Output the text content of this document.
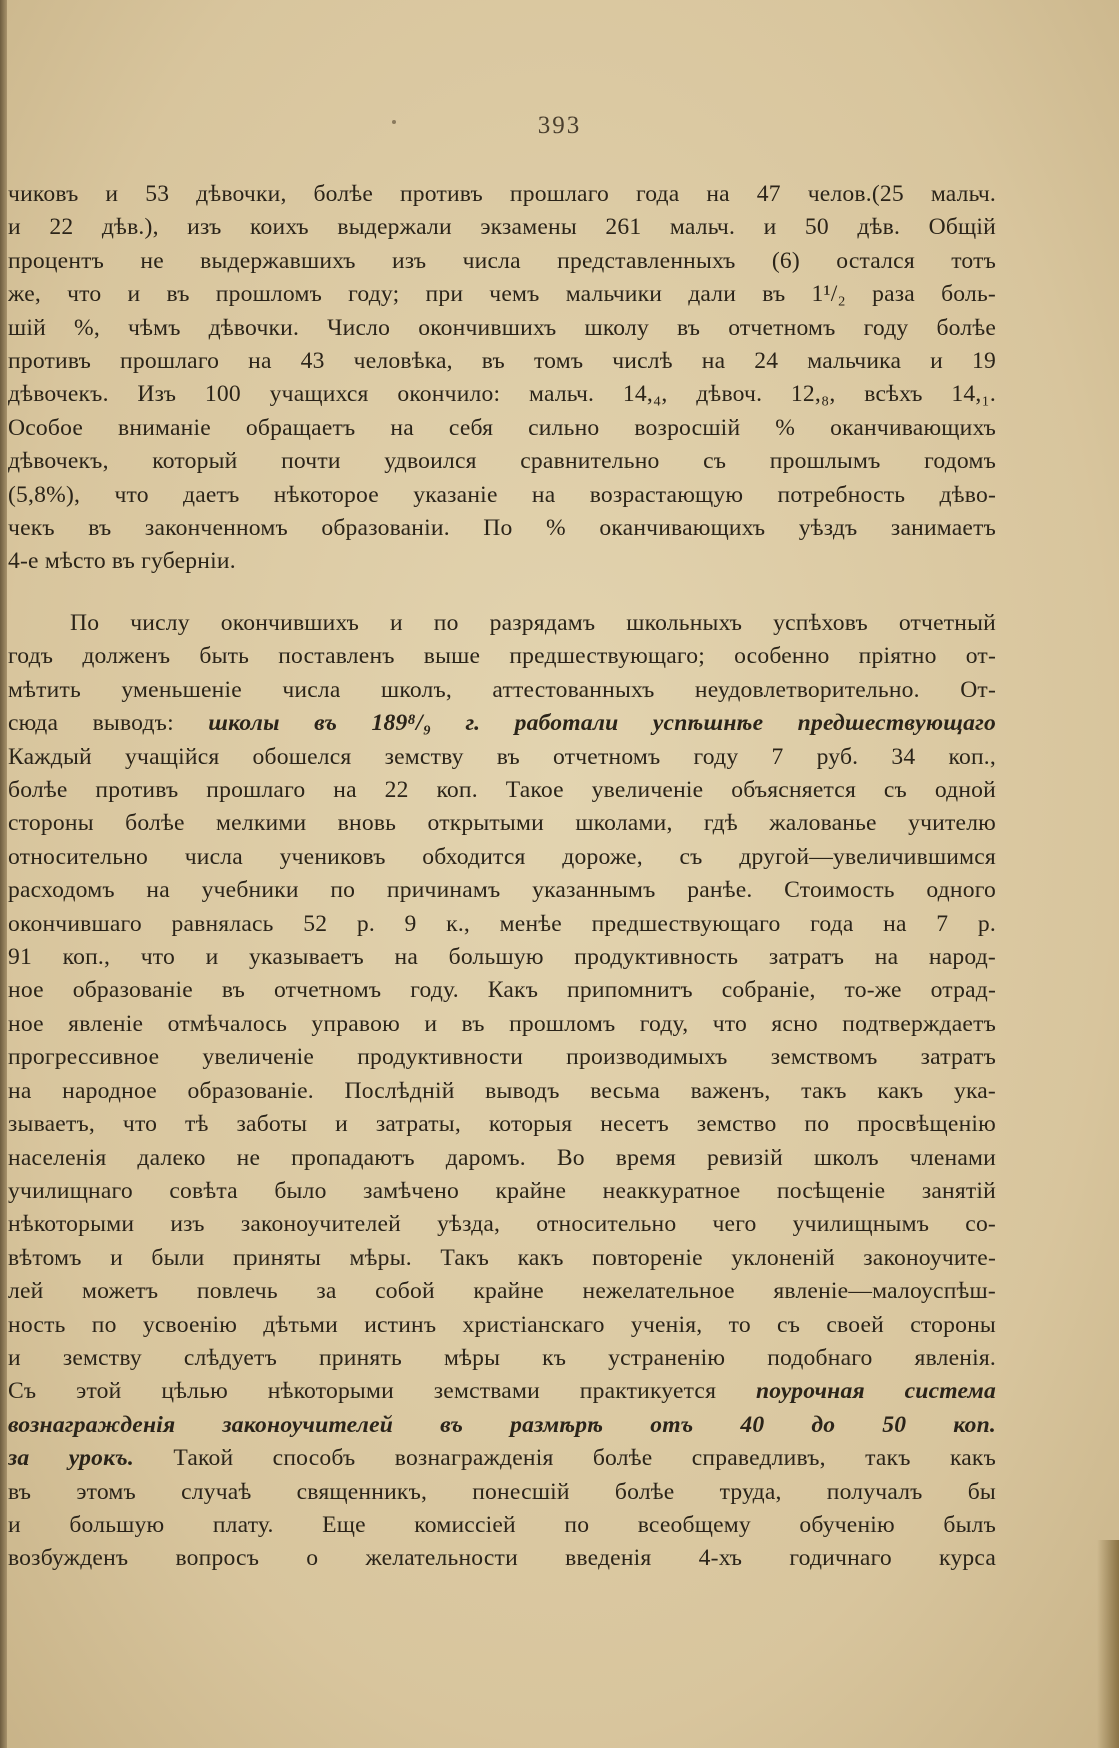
393

чиковъ и 53 дѣвочки, болѣе противъ прошлаго года на 47 челов.(25 мальч.

и 22 дѣв.), изъ коихъ выдержали экзамены 261 мальч. и 50 дѣв. Общій

процентъ не выдержавшихъ изъ числа представленныхъ (6) остался тотъ

же, что и въ прошломъ году; при чемъ мальчики дали въ 1¹/₂ раза боль-

шій %, чѣмъ дѣвочки. Число окончившихъ школу въ отчетномъ году болѣе

противъ прошлаго на 43 человѣка, въ томъ числѣ на 24 мальчика и 19

дѣвочекъ. Изъ 100 учащихся окончило: мальч. 14,₄, дѣвоч. 12,₈, всѣхъ 14,₁.

Особое вниманіе обращаетъ на себя сильно возросшій % оканчивающихъ

дѣвочекъ, который почти удвоился сравнительно съ прошлымъ годомъ

(5,8%), что даетъ нѣкоторое указаніе на возрастающую потребность дѣво-

чекъ въ законченномъ образованіи. По % оканчивающихъ уѣздъ занимаетъ

4-е мѣсто въ губерніи.

По числу окончившихъ и по разрядамъ школьныхъ успѣховъ отчетный

годъ долженъ быть поставленъ выше предшествующаго; особенно пріятно от-

мѣтить уменьшеніе числа школъ, аттестованныхъ неудовлетворительно. От-

сюда выводъ: школы въ 189⁸/₉ г. работали успѣшнѣе предшествующаго

Каждый учащійся обошелся земству въ отчетномъ году 7 руб. 34 коп.,

болѣе противъ прошлаго на 22 коп. Такое увеличеніе объясняется съ одной

стороны болѣе мелкими вновь открытыми школами, гдѣ жалованье учителю

относительно числа учениковъ обходится дороже, съ другой—увеличившимся

расходомъ на учебники по причинамъ указаннымъ ранѣе. Стоимость одного

окончившаго равнялась 52 р. 9 к., менѣе предшествующаго года на 7 р.

91 коп., что и указываетъ на большую продуктивность затратъ на народ-

ное образованіе въ отчетномъ году. Какъ припомнитъ собраніе, то-же отрад-

ное явленіе отмѣчалось управою и въ прошломъ году, что ясно подтверждаетъ

прогрессивное увеличеніе продуктивности производимыхъ земствомъ затратъ

на народное образованіе. Послѣдній выводъ весьма важенъ, такъ какъ ука-

зываетъ, что тѣ заботы и затраты, которыя несетъ земство по просвѣщенію

населенія далеко не пропадаютъ даромъ. Во время ревизій школъ членами

училищнаго совѣта было замѣчено крайне неаккуратное посѣщеніе занятій

нѣкоторыми изъ законоучителей уѣзда, относительно чего училищнымъ со-

вѣтомъ и были приняты мѣры. Такъ какъ повтореніе уклоненій законоучите-

лей можетъ повлечь за собой крайне нежелательное явленіе—малоуспѣш-

ность по усвоенію дѣтьми истинъ христіанскаго ученія, то съ своей стороны

и земству слѣдуетъ принять мѣры къ устраненію подобнаго явленія.

Съ этой цѣлью нѣкоторыми земствами практикуется поурочная система

вознагражденія законоучителей въ размѣрѣ отъ 40 до 50 коп.

за урокъ. Такой способъ вознагражденія болѣе справедливъ, такъ какъ

въ этомъ случаѣ священникъ, понесшій болѣе труда, получалъ бы

и большую плату. Еще комиссіей по всеобщему обученію былъ

возбужденъ вопросъ о желательности введенія 4-хъ годичнаго курса
